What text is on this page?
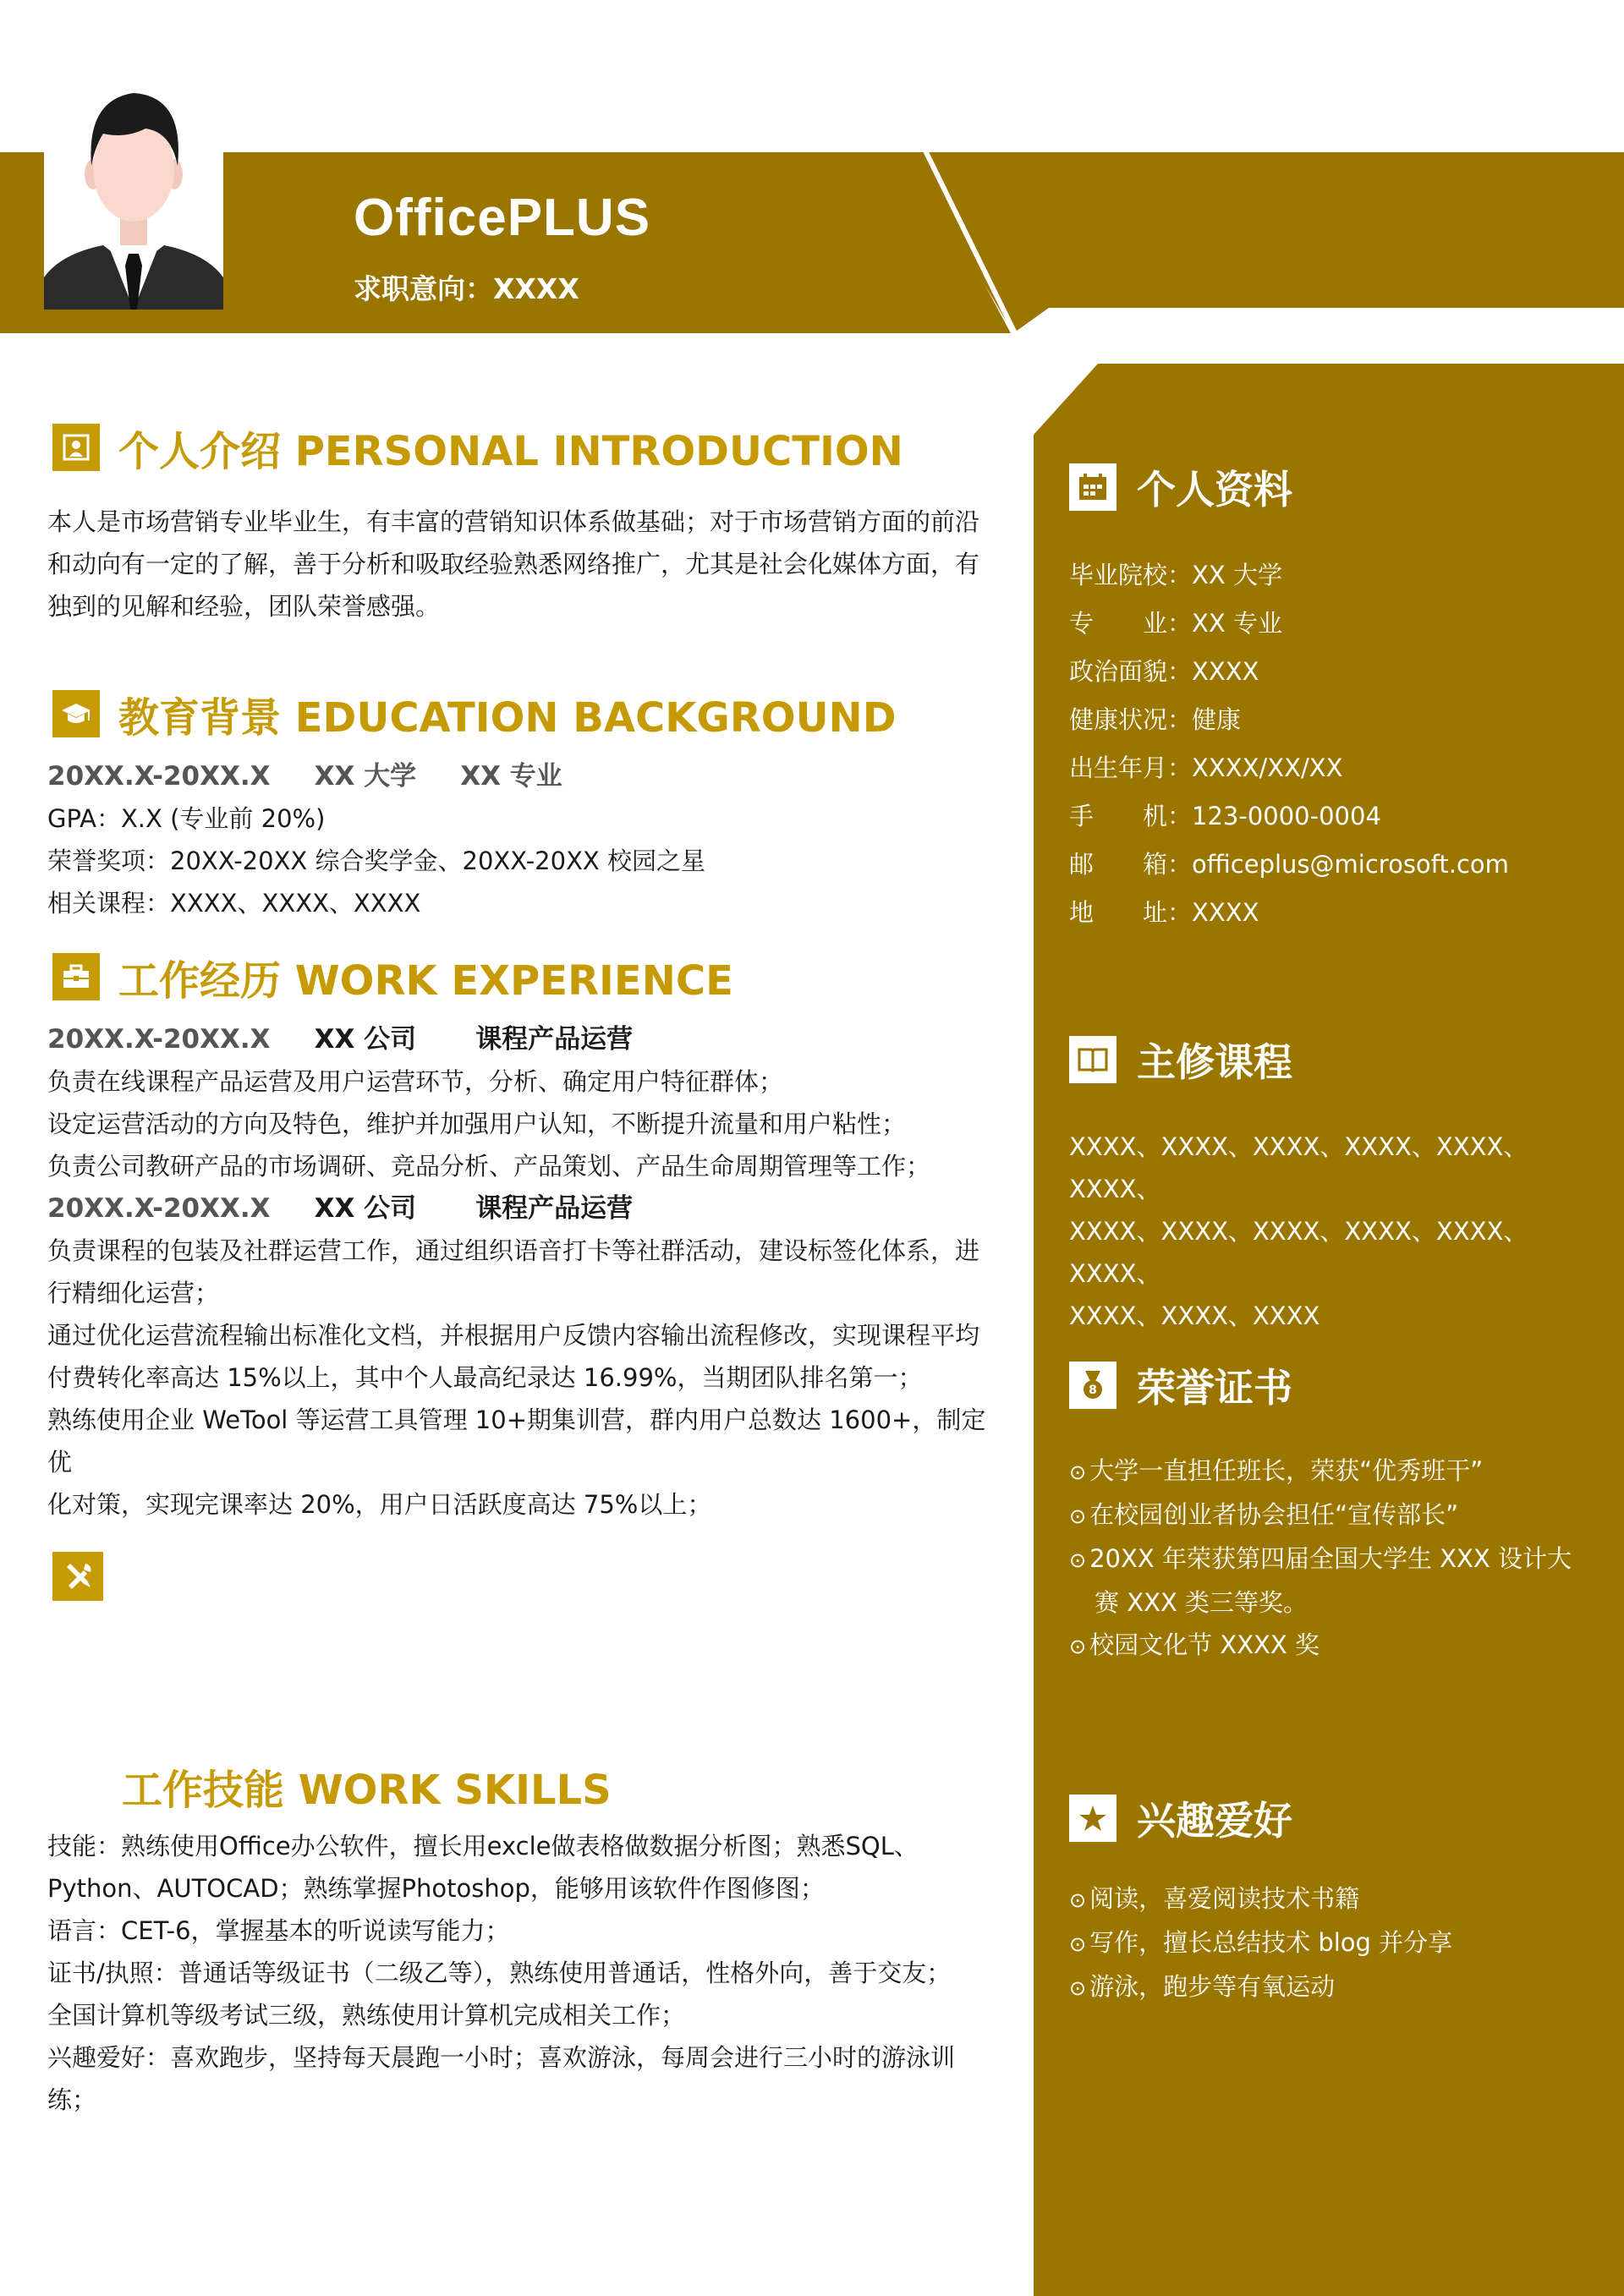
OfficePLUS
求职意向：XXXX
个人介绍 PERSONAL INTRODUCTION

本人是市场营销专业毕业生，有丰富的营销知识体系做基础；对于市场营销方面的前沿

和动向有一定的了解，善于分析和吸取经验熟悉网络推广，尤其是社会化媒体方面，有

独到的见解和经验，团队荣誉感强。

教育背景 EDUCATION BACKGROUND

20XX.X-20XX.X XX 大学 XX 专业

GPA：X.X (专业前 20%)

荣誉奖项：20XX-20XX 综合奖学金、20XX-20XX 校园之星

相关课程：XXXX、XXXX、XXXX

工作经历 WORK EXPERIENCE

20XX.X-20XX.X XX 公司 课程产品运营

负责在线课程产品运营及用户运营环节，分析、确定用户特征群体；

设定运营活动的方向及特色，维护并加强用户认知，不断提升流量和用户粘性；

负责公司教研产品的市场调研、竞品分析、产品策划、产品生命周期管理等工作；

20XX.X-20XX.X XX 公司 课程产品运营

负责课程的包装及社群运营工作，通过组织语音打卡等社群活动，建设标签化体系，进

行精细化运营；

通过优化运营流程输出标准化文档，并根据用户反馈内容输出流程修改，实现课程平均

付费转化率高达 15%以上，其中个人最高纪录达 16.99%，当期团队排名第一；

熟练使用企业 WeTool 等运营工具管理 10+期集训营，群内用户总数达 1600+，制定优

化对策，实现完课率达 20%，用户日活跃度高达 75%以上；

工作技能 WORK SKILLS

技能：熟练使用Office办公软件，擅长用excle做表格做数据分析图；熟悉SQL、

Python、AUTOCAD；熟练掌握Photoshop，能够用该软件作图修图；

语言：CET-6，掌握基本的听说读写能力；

证书/执照：普通话等级证书（二级乙等），熟练使用普通话，性格外向，善于交友；

全国计算机等级考试三级，熟练使用计算机完成相关工作；

兴趣爱好：喜欢跑步，坚持每天晨跑一小时；喜欢游泳，每周会进行三小时的游泳训

练；

个人资料
毕业院校： XX 大学
专　　业： XX 专业
政治面貌： XXXX
健康状况： 健康
出生年月： XXXX/XX/XX
手　　机： 123-0000-0004
邮　　箱： officeplus@microsoft.com
地　　址： XXXX
主修课程

XXXX、XXXX、XXXX、XXXX、XXXX、XXXX、

XXXX、XXXX、XXXX、XXXX、XXXX、XXXX、

XXXX、XXXX、XXXX

8 荣誉证书

⊙ 大学一直担任班长，荣获“优秀班干”

⊙ 在校园创业者协会担任“宣传部长”

⊙ 20XX 年荣获第四届全国大学生 XXX 设计大

赛 XXX 类三等奖。

⊙ 校园文化节 XXXX 奖

兴趣爱好

⊙ 阅读，喜爱阅读技术书籍

⊙ 写作，擅长总结技术 blog 并分享

⊙ 游泳，跑步等有氧运动
